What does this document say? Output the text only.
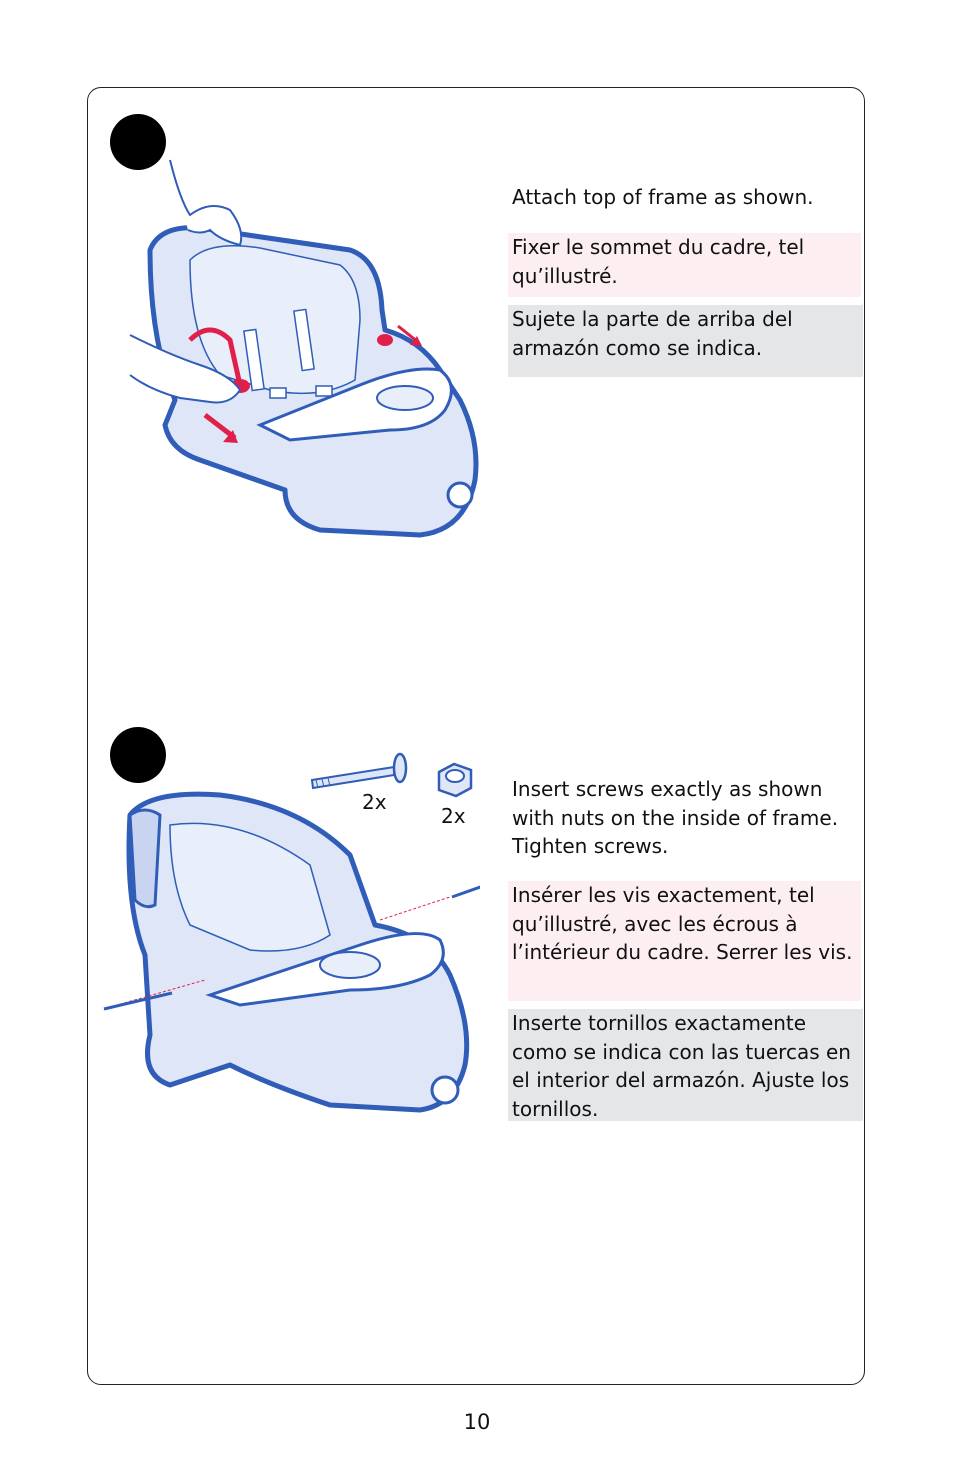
Attach top of frame as shown.
Fixer le sommet du cadre, tel qu’illustré.
Sujete la parte de arriba del armazón como se indica.
2x
2x
Insert screws exactly as shown with nuts on the inside of frame. Tighten screws.
Insérer les vis exactement, tel qu’illustré, avec les écrous à l’intérieur du cadre. Serrer les vis.
Inserte tornillos exactamente como se indica con las tuercas en el interior del armazón. Ajuste los tornillos.
10
